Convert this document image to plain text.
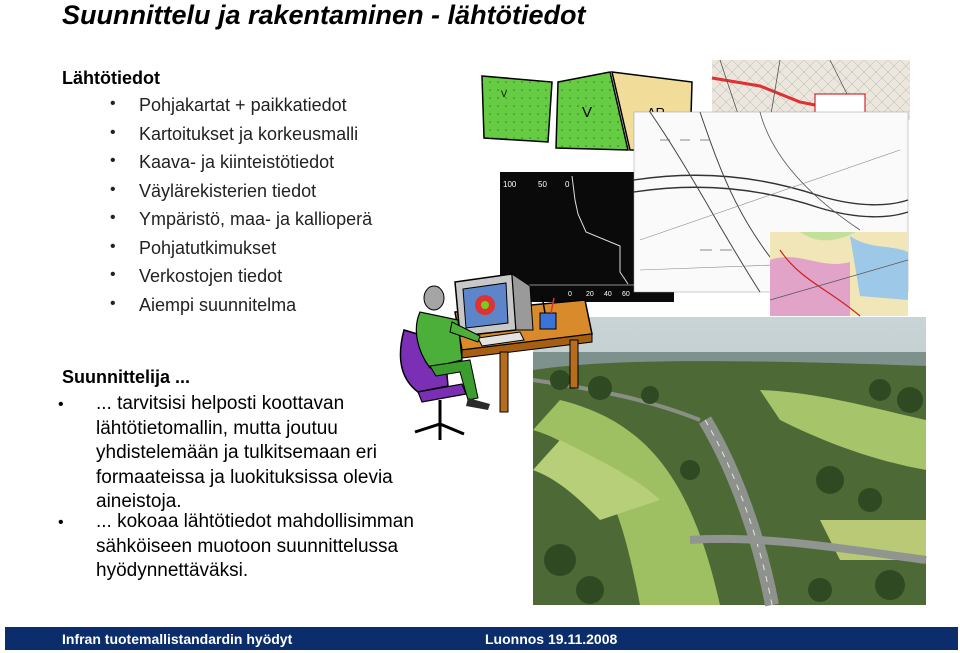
Suunnittelu ja rakentaminen - lähtötiedot
Lähtötiedot
• Pohjakartat + paikkatiedot
• Kartoitukset ja korkeusmalli
• Kaava- ja kiinteistötiedot
• Väylärekisterien tiedot
• Ympäristö, maa- ja kallioperä
• Pohjatutkimukset
• Verkostojen tiedot
• Aiempi suunnitelma
V
V
100	50 0
0 20 40 60
Suunnittelija ...
• ... tarvitsisi helposti koottavan
lähtötietomallin, mutta joutuu
yhdistelemään ja tulkitsemaan eri
formaateissa ja luokituksissa olevia
aineistoja.
• ... kokoaa lähtötiedot mahdollisimman
sähköiseen muotoon suunnittelussa
hyödynnettäväksi.
Infran tuotemallistandardin hyödyt	Luonnos 19.11.2008
